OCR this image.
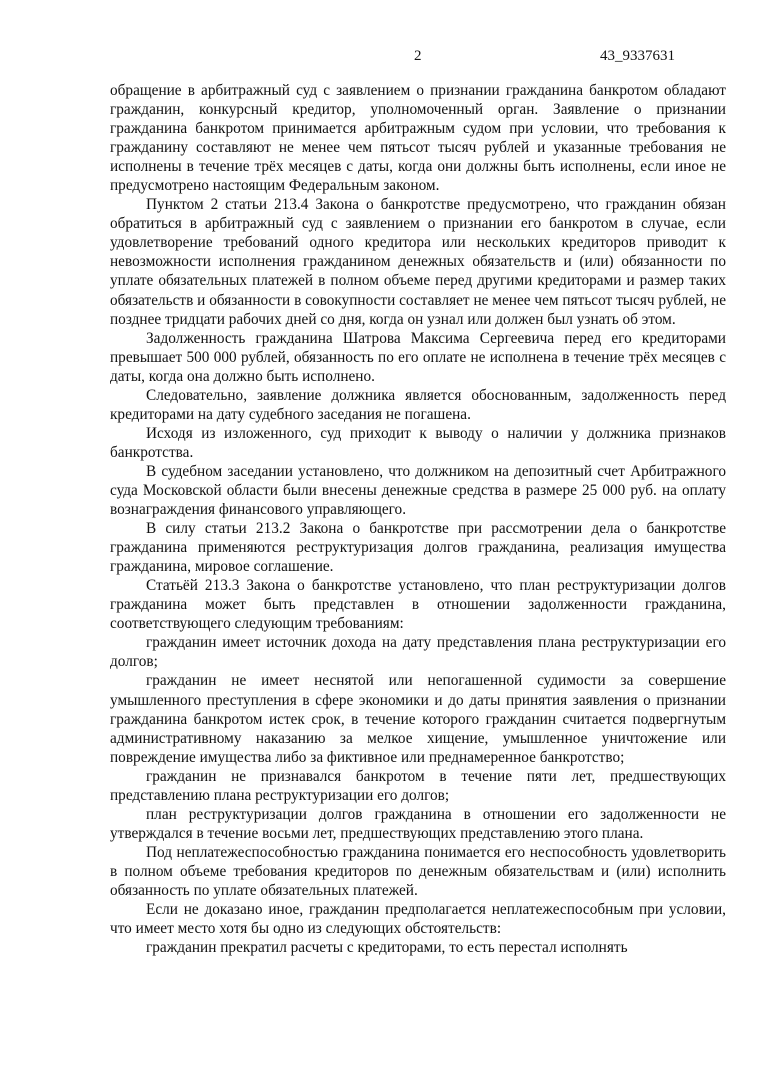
2	43_9337631

обращение в арбитражный суд с заявлением о признании гражданина банкротом обладают гражданин, конкурсный кредитор, уполномоченный орган. Заявление о признании гражданина банкротом принимается арбитражным судом при условии, что требования к гражданину составляют не менее чем пятьсот тысяч рублей и указанные требования не исполнены в течение трёх месяцев с даты, когда они должны быть исполнены, если иное не предусмотрено настоящим Федеральным законом.

Пунктом 2 статьи 213.4 Закона о банкротстве предусмотрено, что гражданин обязан обратиться в арбитражный суд с заявлением о признании его банкротом в случае, если удовлетворение требований одного кредитора или нескольких кредиторов приводит к невозможности исполнения гражданином денежных обязательств и (или) обязанности по уплате обязательных платежей в полном объеме перед другими кредиторами и размер таких обязательств и обязанности в совокупности составляет не менее чем пятьсот тысяч рублей, не позднее тридцати рабочих дней со дня, когда он узнал или должен был узнать об этом.

Задолженность гражданина Шатрова Максима Сергеевича перед его кредиторами превышает 500 000 рублей, обязанность по его оплате не исполнена в течение трёх месяцев с даты, когда она должно быть исполнено.

Следовательно, заявление должника является обоснованным, задолженность перед кредиторами на дату судебного заседания не погашена.

Исходя из изложенного, суд приходит к выводу о наличии у должника признаков банкротства.

В судебном заседании установлено, что должником на депозитный счет Арбитражного суда Московской области были внесены денежные средства в размере 25 000 руб. на оплату вознаграждения финансового управляющего.

В силу статьи 213.2 Закона о банкротстве при рассмотрении дела о банкротстве гражданина применяются реструктуризация долгов гражданина, реализация имущества гражданина, мировое соглашение.

Статьёй 213.3 Закона о банкротстве установлено, что план реструктуризации долгов гражданина может быть представлен в отношении задолженности гражданина, соответствующего следующим требованиям:

гражданин имеет источник дохода на дату представления плана реструктуризации его долгов;

гражданин не имеет неснятой или непогашенной судимости за совершение умышленного преступления в сфере экономики и до даты принятия заявления о признании гражданина банкротом истек срок, в течение которого гражданин считается подвергнутым административному наказанию за мелкое хищение, умышленное уничтожение или повреждение имущества либо за фиктивное или преднамеренное банкротство;

гражданин не признавался банкротом в течение пяти лет, предшествующих представлению плана реструктуризации его долгов;

план реструктуризации долгов гражданина в отношении его задолженности не утверждался в течение восьми лет, предшествующих представлению этого плана.

Под неплатежеспособностью гражданина понимается его неспособность удовлетворить в полном объеме требования кредиторов по денежным обязательствам и (или) исполнить обязанность по уплате обязательных платежей.

Если не доказано иное, гражданин предполагается неплатежеспособным при условии, что имеет место хотя бы одно из следующих обстоятельств:

гражданин прекратил расчеты с кредиторами, то есть перестал исполнять
